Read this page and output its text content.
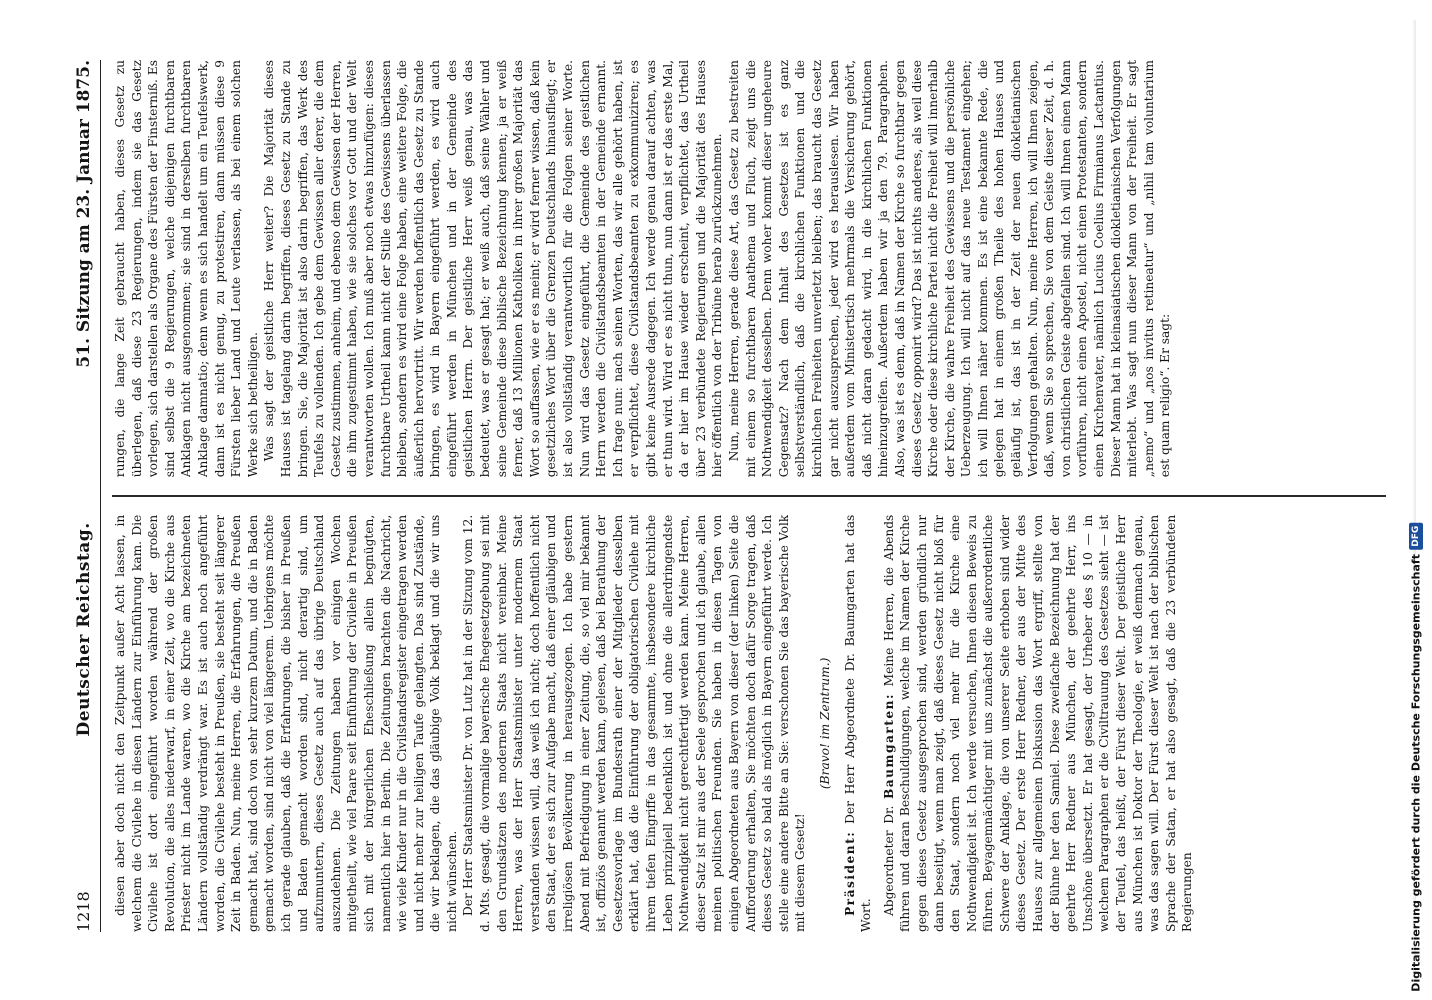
1218
Deutscher Reichstag.
51. Sitzung am 23. Januar 1875.

diesen aber doch nicht den Zeitpunkt außer Acht lassen, in welchem die Civilehe in diesen Ländern zur Einführung kam. Die Civilehe ist dort eingeführt worden während der großen Revolution, die alles niederwarf, in einer Zeit, wo die Kirche aus Priester nicht im Lande waren, wo die Kirche am bezeichneten Ländern vollständig verdrängt war. Es ist auch noch angeführt worden, die Civilehe besteht in Preußen, sie besteht seit längerer Zeit in Baden. Nun, meine Herren, die Erfahrungen, die Preußen gemacht hat, sind doch von sehr kurzem Datum, und die in Baden gemacht worden, sind nicht von viel längerem. Uebrigens möchte ich gerade glauben, daß die Erfahrungen, die bisher in Preußen und Baden gemacht worden sind, nicht derartig sind, um aufzumuntern, dieses Gesetz auch auf das übrige Deutschland auszudehnen. Die Zeitungen haben vor einigen Wochen mitgetheilt, wie viel Paare seit Einführung der Civilehe in Preußen sich mit der bürgerlichen Eheschließung allein begnügten, namentlich hier in Berlin. Die Zeitungen brachten die Nachricht, wie viele Kinder nur in die Civilstandsregister eingetragen werden und nicht mehr zur heiligen Taufe gelangten. Das sind Zustände, die wir beklagen, die das gläubige Volk beklagt und die wir uns nicht wünschen. Der Herr Staatsminister Dr. von Lutz hat in der Sitzung vom 12. d. Mts. gesagt, die vormalige bayerische Ehegesetzgebung sei mit den Grundsätzen des modernen Staats nicht vereinbar. Meine Herren, was der Herr Staatsminister unter modernem Staat verstanden wissen will, das weiß ich nicht; doch hoffentlich nicht den Staat, der es sich zur Aufgabe macht, daß einer gläubigen und irreligiösen Bevölkerung in herausgezogen. Ich habe gestern Abend mit Befriedigung in einer Zeitung, die, so viel mir bekannt ist, offiziös genannt werden kann, gelesen, daß bei Berathung der Gesetzesvorlage im Bundesrath einer der Mitglieder desselben erklärt hat, daß die Einführung der obligatorischen Civilehe mit ihrem tiefen Eingriffe in das gesammte, insbesondere kirchliche Leben prinzipiell bedenklich ist und ohne die allerdringendste Nothwendigkeit nicht gerechtfertigt werden kann. Meine Herren, dieser Satz ist mir aus der Seele gesprochen und ich glaube, allen meinen politischen Freunden. Sie haben in diesen Tagen von einigen Abgeordneten aus Bayern von dieser (der linken) Seite die Aufforderung erhalten, Sie möchten doch dafür Sorge tragen, daß dieses Gesetz so bald als möglich in Bayern eingeführt werde. Ich stelle eine andere Bitte an Sie: verschonen Sie das bayerische Volk mit diesem Gesetz!

(Bravo! im Zentrum.)

Präsident: Der Herr Abgeordnete Dr. Baumgarten hat das Wort. Abgeordneter Dr. Baumgarten: Meine Herren, die Abends führen und daran Beschuldigungen, welche im Namen der Kirche gegen dieses Gesetz ausgesprochen sind, werden gründlich nur dann beseitigt, wenn man zeigt, daß dieses Gesetz nicht bloß für den Staat, sondern noch viel mehr für die Kirche eine Nothwendigkeit ist. Ich werde versuchen, Ihnen diesen Beweis zu führen. Beyagemnächtiger mit uns zunächst die außerordentliche Schwere der Anklage, die von unserer Seite erhoben sind wider dieses Gesetz. Der erste Herr Redner, der aus der Mitte des Hauses zur allgemeinen Diskussion das Wort ergriff, stellte von der Bühne her den Samiel. Diese zweifache Bezeichnung hat der geehrte Herr Redner aus München, der geehrte Herr, ins Unschöne übersetzt. Er hat gesagt, der Urheber des § 10 — in welchem Paragraphen er die Civiltrauung des Gesetzes sieht — ist der Teufel, das heißt, der Fürst dieser Welt. Der geistliche Herr aus München ist Doktor der Theologie, er weiß demnach genau, was das sagen will. Der Fürst dieser Welt ist nach der biblischen Sprache der Satan, er hat also gesagt, daß die 23 verbündeten Regierungen

rungen, die lange Zeit gebraucht haben, dieses Gesetz zu überlegen, daß diese 23 Regierungen, indem sie das Gesetz vorlegen, sich darstellen als Organe des Fürsten der Finsterniß. Es sind selbst die 9 Regierungen, welche diejenigen furchtbaren Anklagen nicht ausgenommen; sie sind in derselben furchtbaren Anklage damnatio; denn wenn es sich handelt um ein Teufelswerk, dann ist es nicht genug, zu protestiren, dann müssen diese 9 Fürsten lieber Land und Leute verlassen, als bei einem solchen Werke sich betheiligen. Was sagt der geistliche Herr weiter? Die Majorität dieses Hauses ist tagelang darin begriffen, dieses Gesetz zu Stande zu bringen. Sie, die Majorität ist also darin begriffen, das Werk des Teufels zu vollenden. Ich gebe dem Gewissen aller derer, die dem Gesetz zustimmen, anheim, und ebenso dem Gewissen der Herren, die ihm zugestimmt haben, wie sie solches vor Gott und der Welt verantworten wollen. Ich muß aber noch etwas hinzufügen: dieses furchtbare Urtheil kann nicht der Stille des Gewissens überlassen bleiben, sondern es wird eine Folge haben, eine weitere Folge, die äußerlich hervortritt. Wir werden hoffentlich das Gesetz zu Stande bringen, es wird in Bayern eingeführt werden, es wird auch eingeführt werden in München und in der Gemeinde des geistlichen Herrn. Der geistliche Herr weiß genau, was das bedeutet, was er gesagt hat; er weiß auch, daß seine Wähler und seine Gemeinde diese biblische Bezeichnung kennen; ja er weiß ferner, daß 13 Millionen Katholiken in ihrer großen Majorität das Wort so auffassen, wie er es meint; er wird ferner wissen, daß kein gesetzliches Wort über die Grenzen Deutschlands hinausfliegt; er ist also vollständig verantwortlich für die Folgen seiner Worte. Nun wird das Gesetz eingeführt, die Gemeinde des geistlichen Herrn werden die Civilstandsbeamten in der Gemeinde ernannt. Ich frage nun: nach seinen Worten, das wir alle gehört haben, ist er verpflichtet, diese Civilstandsbeamten zu exkommuniziren; es gibt keine Ausrede dagegen. Ich werde genau darauf achten, was er thun wird. Wird er es nicht thun, nun dann ist er das erste Mal, da er hier im Hause wieder erscheint, verpflichtet, das Urtheil über 23 verbündete Regierungen und die Majorität des Hauses hier öffentlich von der Tribüne herab zurückzunehmen. Nun, meine Herren, gerade diese Art, das Gesetz zu bestreiten mit einem so furchtbaren Anathema und Fluch, zeigt uns die Nothwendigkeit desselben. Denn woher kommt dieser ungeheure Gegensatz? Nach dem Inhalt des Gesetzes ist es ganz selbstverständlich, daß die kirchlichen Funktionen und die kirchlichen Freiheiten unverletzt bleiben; das braucht das Gesetz gar nicht auszusprechen, jeder wird es herauslesen. Wir haben außerdem vom Ministertisch mehrmals die Versicherung gehört, daß nicht daran gedacht wird, in die kirchlichen Funktionen hineinzugreifen. Außerdem haben wir ja den 79. Paragraphen. Also, was ist es denn, daß in Namen der Kirche so furchtbar gegen dieses Gesetz opponirt wird? Das ist nichts anderes, als weil diese Kirche oder diese kirchliche Partei nicht die Freiheit will innerhalb der Kirche, die wahre Freiheit des Gewissens und die persönliche Ueberzeugung. Ich will nicht auf das neue Testament eingehen; ich will Ihnen näher kommen. Es ist eine bekannte Rede, die gelegen hat in einem großen Theile des hohen Hauses und geläufig ist, das ist in der Zeit der neuen diokletianischen Verfolgungen gehalten. Nun, meine Herren, ich will Ihnen zeigen, daß, wenn Sie so sprechen, Sie von dem Geiste dieser Zeit, d. h. von christlichen Geiste abgefallen sind. Ich will Ihnen einen Mann vorführen, nicht einen Apostel, nicht einen Protestanten, sondern einen Kirchenvater, nämlich Lucius Coelius Firmianus Lactantius. Dieser Mann hat in kleinasiatischen diokletianischen Verfolgungen miterlebt. Was sagt nun dieser Mann von der Freiheit. Er sagt „nemo“ und „nos invitus retineatur“ und „nihil tam voluntarium est quam religio“. Er sagt:

Digitalisierung gefördert durch die Deutsche Forschungsgemeinschaft
DFG
